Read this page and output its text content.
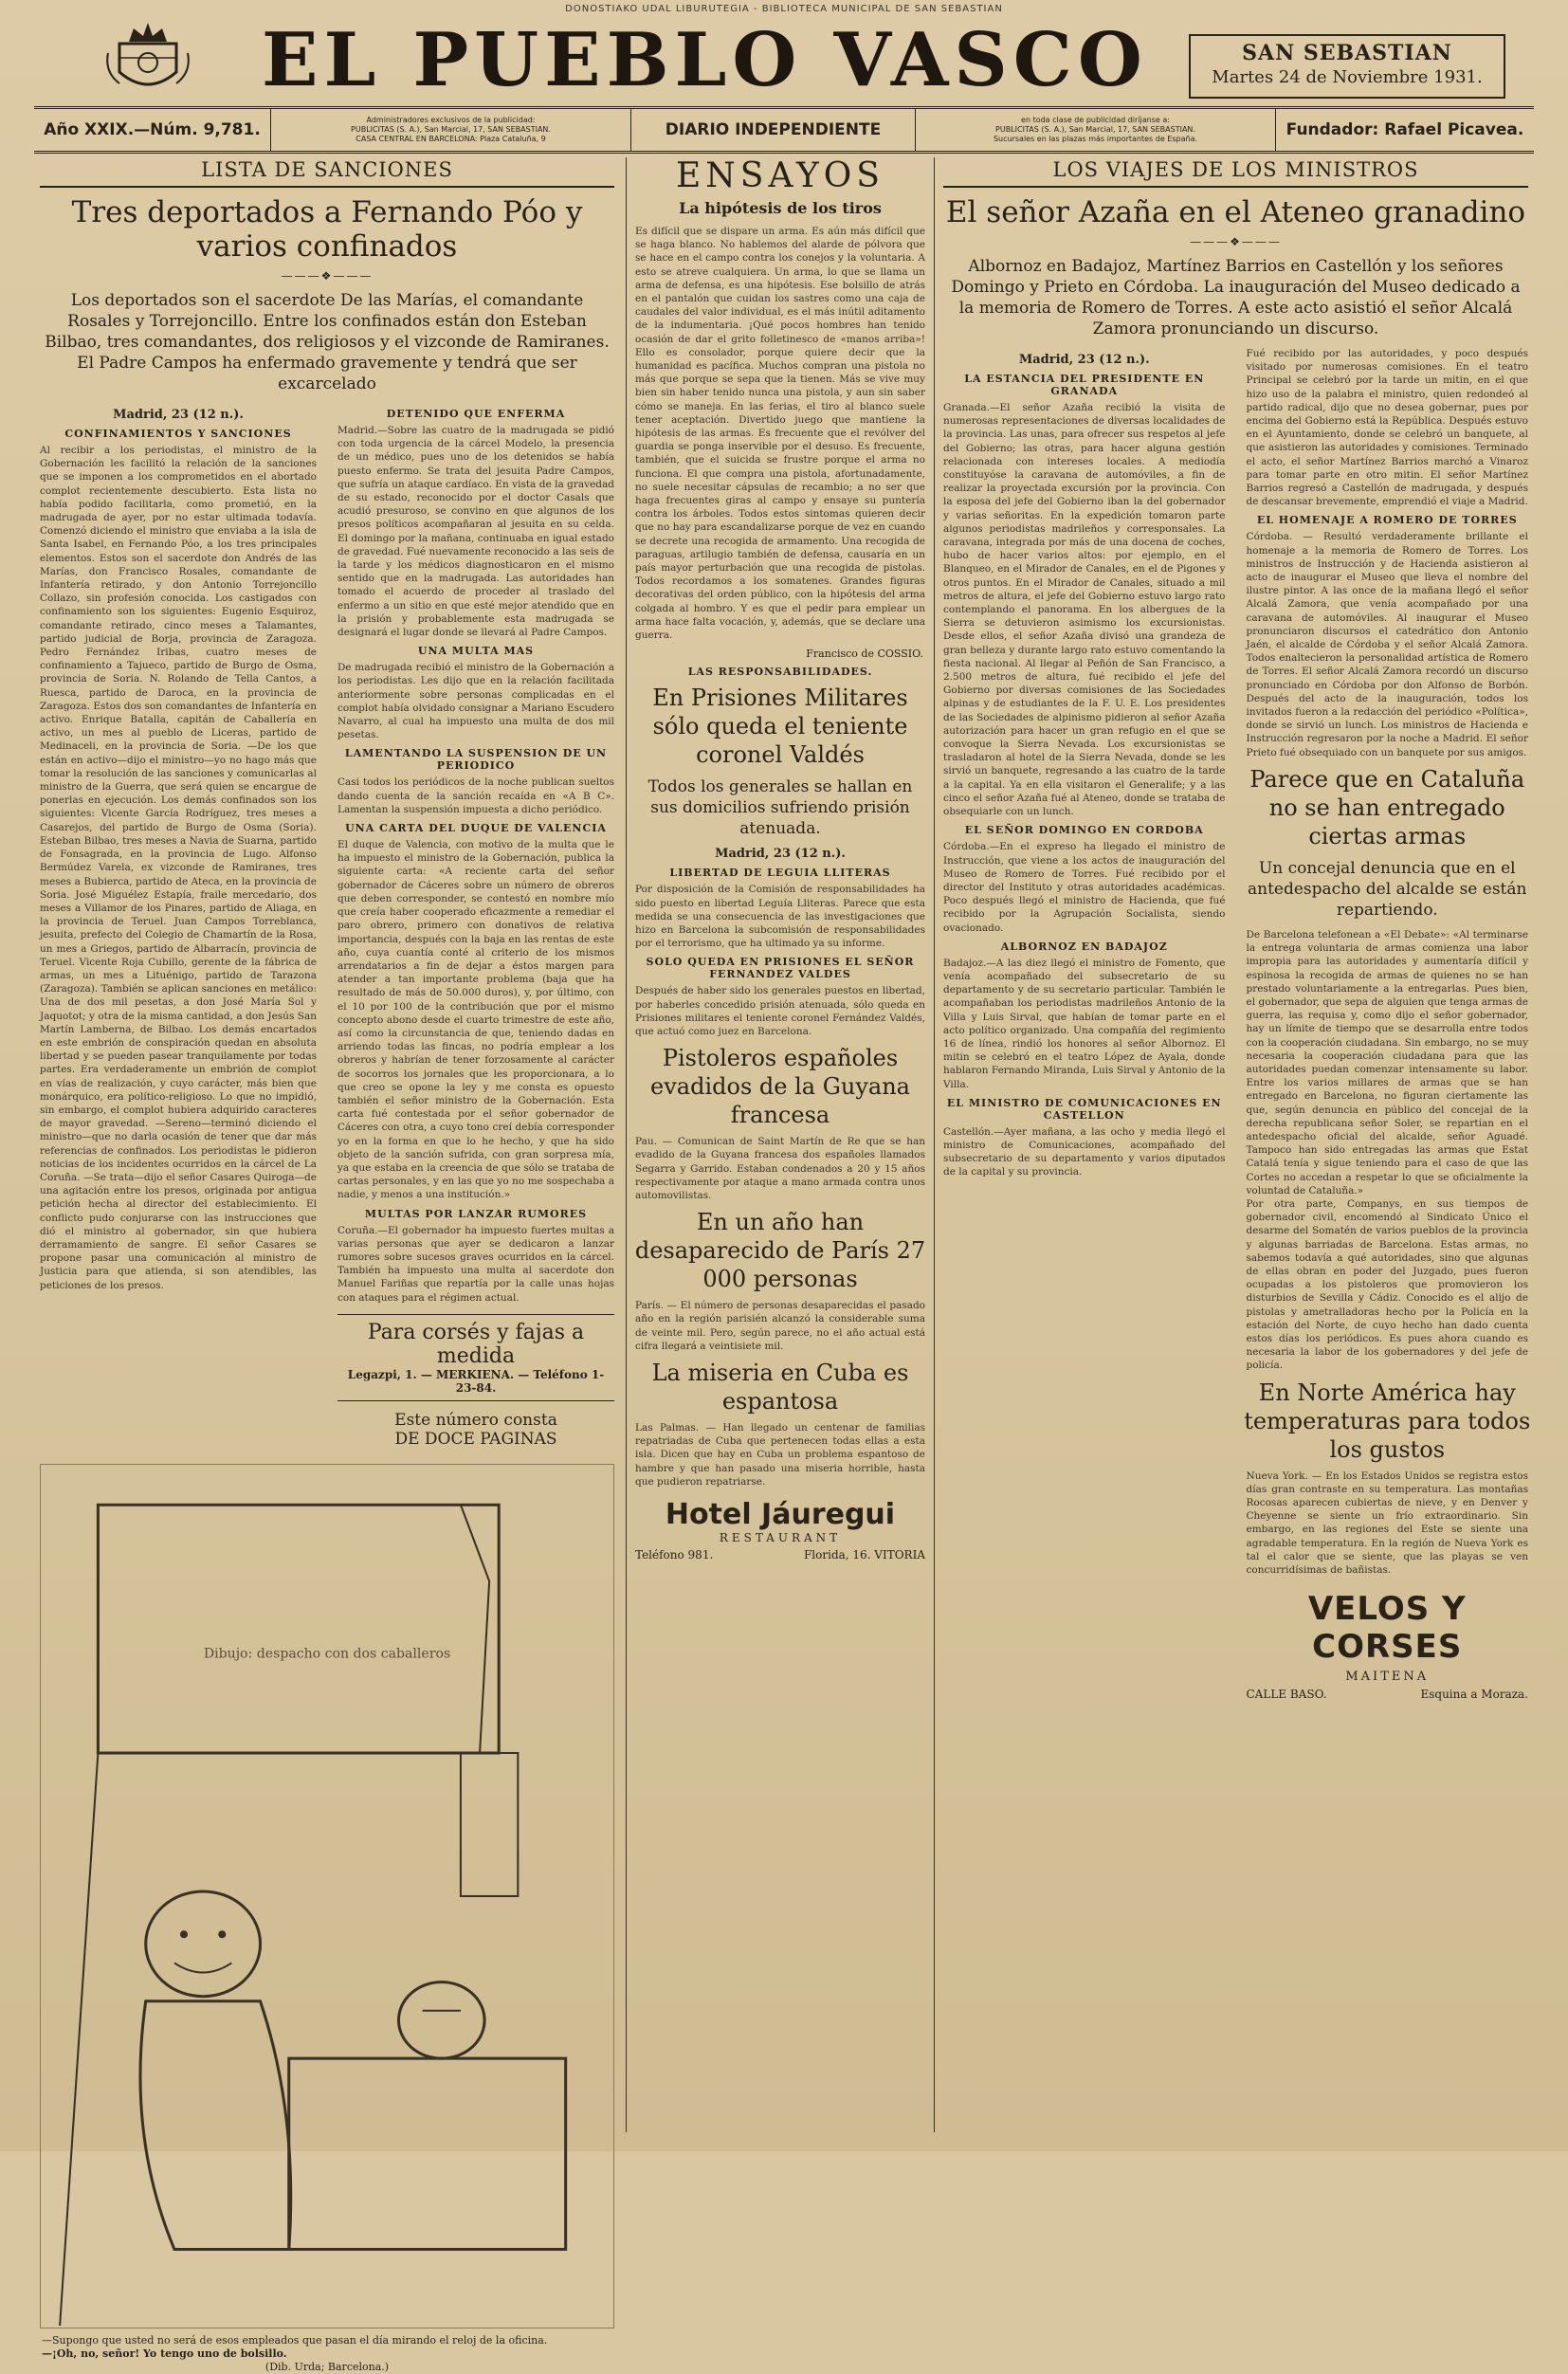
DONOSTIAKO UDAL LIBURUTEGIA - BIBLIOTECA MUNICIPAL DE SAN SEBASTIAN
EL PUEBLO VASCO	SAN SEBASTIAN
Martes 24 de Noviembre 1931.
Año XXIX.—Núm. 9,781.
Administradores exclusivos de la publicidad:
PUBLICITAS (S. A.), San Marcial, 17, SAN SEBASTIAN.
CASA CENTRAL EN BARCELONA: Plaza Cataluña, 9	DIARIO INDEPENDIENTE
en toda clase de publicidad diríjanse a:
PUBLICITAS (S. A.), San Marcial, 17, SAN SEBASTIAN.
Sucursales en las plazas más importantes de España.	Fundador: Rafael Picavea.
LISTA DE SANCIONES
Tres deportados a Fernando Póo y varios confinados
———❖———
Los deportados son el sacerdote De las Marías, el comandante Rosales y Torrejoncillo. Entre los confinados están don Esteban Bilbao, tres comandantes, dos religiosos y el vizconde de Ramiranes. El Padre Campos ha enfermado gravemente y tendrá que ser excarcelado
Madrid, 23 (12 n.).
CONFINAMIENTOS Y SANCIONES
Al recibir a los periodistas, el ministro de la Gobernación les facilitó la relación de la sanciones que se imponen a los comprometidos en el abortado complot recientemente descubierto. Esta lista no había podido facilitarla, como prometió, en la madrugada de ayer, por no estar ultimada todavía. Comenzó diciendo el ministro que enviaba a la isla de Santa Isabel, en Fernando Póo, a los tres principales elementos. Estos son el sacerdote don Andrés de las Marías, don Francisco Rosales, comandante de Infantería retirado, y don Antonio Torrejoncillo Collazo, sin profesión conocida. Los castigados con confinamiento son los siguientes: Eugenio Esquiroz, comandante retirado, cinco meses a Talamantes, partido judicial de Borja, provincia de Zaragoza. Pedro Fernández Iribas, cuatro meses de confinamiento a Tajueco, partido de Burgo de Osma, provincia de Soria. N. Rolando de Tella Cantos, a Ruesca, partido de Daroca, en la provincia de Zaragoza. Estos dos son comandantes de Infantería en activo. Enrique Batalla, capitán de Caballería en activo, un mes al pueblo de Liceras, partido de Medinaceli, en la provincia de Soria. —De los que están en activo—dijo el ministro—yo no hago más que tomar la resolución de las sanciones y comunicarlas al ministro de la Guerra, que será quien se encargue de ponerlas en ejecución. Los demás confinados son los siguientes: Vicente García Rodríguez, tres meses a Casarejos, del partido de Burgo de Osma (Soria). Esteban Bilbao, tres meses a Navia de Suarna, partido de Fonsagrada, en la provincia de Lugo. Alfonso Bermúdez Varela, ex vizconde de Ramiranes, tres meses a Bubierca, partido de Ateca, en la provincia de Soria. José Miguélez Estapía, fraile mercedario, dos meses a Villamor de los Pinares, partido de Aliaga, en la provincia de Teruel. Juan Campos Torreblanca, jesuita, prefecto del Colegio de Chamartín de la Rosa, un mes a Griegos, partido de Albarracín, provincia de Teruel. Vicente Roja Cubillo, gerente de la fábrica de armas, un mes a Lituénigo, partido de Tarazona (Zaragoza). También se aplican sanciones en metálico: Una de dos mil pesetas, a don José María Sol y Jaquotot; y otra de la misma cantidad, a don Jesús San Martín Lamberna, de Bilbao. Los demás encartados en este embrión de conspiración quedan en absoluta libertad y se pueden pasear tranquilamente por todas partes. Era verdaderamente un embrión de complot en vías de realización, y cuyo carácter, más bien que monárquico, era político-religioso. Lo que no impidió, sin embargo, el complot hubiera adquirido caracteres de mayor gravedad. —Sereno—terminó diciendo el ministro—que no darla ocasión de tener que dar más referencias de confinados. Los periodistas le pidieron noticias de los incidentes ocurridos en la cárcel de La Coruña. —Se trata—dijo el señor Casares Quiroga—de una agitación entre los presos, originada por antigua petición hecha al director del establecimiento. El conflicto pudo conjurarse con las instrucciones que dió el ministro al gobernador, sin que hubiera derramamiento de sangre. El señor Casares se propone pasar una comunicación al ministro de Justicia para que atienda, si son atendibles, las peticiones de los presos.
DETENIDO QUE ENFERMA
Madrid.—Sobre las cuatro de la madrugada se pidió con toda urgencia de la cárcel Modelo, la presencia de un médico, pues uno de los detenidos se había puesto enfermo. Se trata del jesuita Padre Campos, que sufría un ataque cardíaco. En vista de la gravedad de su estado, reconocido por el doctor Casals que acudió presuroso, se convino en que algunos de los presos políticos acompañaran al jesuita en su celda. El domingo por la mañana, continuaba en igual estado de gravedad. Fué nuevamente reconocido a las seis de la tarde y los médicos diagnosticaron en el mismo sentido que en la madrugada. Las autoridades han tomado el acuerdo de proceder al traslado del enfermo a un sitio en que esté mejor atendido que en la prisión y probablemente esta madrugada se designará el lugar donde se llevará al Padre Campos.
UNA MULTA MAS
De madrugada recibió el ministro de la Gobernación a los periodistas. Les dijo que en la relación facilitada anteriormente sobre personas complicadas en el complot había olvidado consignar a Mariano Escudero Navarro, al cual ha impuesto una multa de dos mil pesetas.
LAMENTANDO LA SUSPENSION DE UN PERIODICO
Casi todos los periódicos de la noche publican sueltos dando cuenta de la sanción recaída en «A B C». Lamentan la suspensión impuesta a dicho periódico.
UNA CARTA DEL DUQUE DE VALENCIA
El duque de Valencia, con motivo de la multa que le ha impuesto el ministro de la Gobernación, publica la siguiente carta: «A reciente carta del señor gobernador de Cáceres sobre un número de obreros que deben corresponder, se contestó en nombre mío que creía haber cooperado eficazmente a remediar el paro obrero, primero con donativos de relativa importancia, después con la baja en las rentas de este año, cuya cuantía conté al criterio de los mismos arrendatarios a fin de dejar a éstos margen para atender a tan importante problema (baja que ha resultado de más de 50.000 duros), y, por último, con el 10 por 100 de la contribución que por el mismo concepto abono desde el cuarto trimestre de este año, así como la circunstancia de que, teniendo dadas en arriendo todas las fincas, no podría emplear a los obreros y habrían de tener forzosamente al carácter de socorros los jornales que les proporcionara, a lo que creo se opone la ley y me consta es opuesto también el señor ministro de la Gobernación. Esta carta fué contestada por el señor gobernador de Cáceres con otra, a cuyo tono creí debía corresponder yo en la forma en que lo he hecho, y que ha sido objeto de la sanción sufrida, con gran sorpresa mía, ya que estaba en la creencia de que sólo se trataba de cartas personales, y en las que yo no me sospechaba a nadie, y menos a una institución.»
MULTAS POR LANZAR RUMORES
Coruña.—El gobernador ha impuesto fuertes multas a varias personas que ayer se dedicaron a lanzar rumores sobre sucesos graves ocurridos en la cárcel. También ha impuesto una multa al sacerdote don Manuel Fariñas que repartía por la calle unas hojas con ataques para el régimen actual.
Para corsés y fajas a medida
Legazpi, 1. — MERKIENA. — Teléfono 1-23-84.
Este número consta
DE DOCE PAGINAS
Dibujo: despacho con dos caballeros
—Supongo que usted no será de esos empleados que pasan el día mirando el reloj de la oficina.
—¡Oh, no, señor! Yo tengo uno de bolsillo.
(Dib. Urda; Barcelona.)
ENSAYOS
La hipótesis de los tiros
Es difícil que se dispare un arma. Es aún más difícil que se haga blanco. No hablemos del alarde de pólvora que se hace en el campo contra los conejos y la voluntaria. A esto se atreve cualquiera. Un arma, lo que se llama un arma de defensa, es una hipótesis. Ese bolsillo de atrás en el pantalón que cuidan los sastres como una caja de caudales del valor individual, es el más inútil aditamento de la indumentaria. ¡Qué pocos hombres han tenido ocasión de dar el grito folletinesco de «manos arriba»! Ello es consolador, porque quiere decir que la humanidad es pacífica. Muchos compran una pistola no más que porque se sepa que la tienen. Más se vive muy bien sin haber tenido nunca una pistola, y aun sin saber cómo se maneja. En las ferias, el tiro al blanco suele tener aceptación. Divertido juego que mantiene la hipótesis de las armas. Es frecuente que el revólver del guardia se ponga inservible por el desuso. Es frecuente, también, que el suicida se frustre porque el arma no funciona. El que compra una pistola, afortunadamente, no suele necesitar cápsulas de recambio; a no ser que haga frecuentes giras al campo y ensaye su puntería contra los árboles. Todos estos sintomas quieren decir que no hay para escandalizarse porque de vez en cuando se decrete una recogida de armamento. Una recogida de paraguas, artilugio también de defensa, causaría en un país mayor perturbación que una recogida de pistolas. Todos recordamos a los somatenes. Grandes figuras decorativas del orden público, con la hipótesis del arma colgada al hombro. Y es que el pedir para emplear un arma hace falta vocación, y, además, que se declare una guerra.
Francisco de COSSIO.
LAS RESPONSABILIDADES.
En Prisiones Militares sólo queda el teniente coronel Valdés
Todos los generales se hallan en sus domicilios sufriendo prisión atenuada.
Madrid, 23 (12 n.).
LIBERTAD DE LEGUIA LLITERAS
Por disposición de la Comisión de responsabilidades ha sido puesto en libertad Leguía Lliteras. Parece que esta medida se una consecuencia de las investigaciones que hizo en Barcelona la subcomisión de responsabilidades por el terrorismo, que ha ultimado ya su informe.
SOLO QUEDA EN PRISIONES EL SEÑOR FERNANDEZ VALDES
Después de haber sido los generales puestos en libertad, por haberles concedido prisión atenuada, sólo queda en Prisiones militares el teniente coronel Fernández Valdés, que actuó como juez en Barcelona.
Pistoleros españoles evadidos de la Guyana francesa
Pau. — Comunican de Saint Martín de Re que se han evadido de la Guyana francesa dos españoles llamados Segarra y Garrido. Estaban condenados a 20 y 15 años respectivamente por ataque a mano armada contra unos automovilistas.
En un año han desaparecido de París 27 000 personas
París. — El número de personas desaparecidas el pasado año en la región parisién alcanzó la considerable suma de veinte mil. Pero, según parece, no el año actual está cifra llegará a veintisiete mil.
La miseria en Cuba es espantosa
Las Palmas. — Han llegado un centenar de familias repatriadas de Cuba que pertenecen todas ellas a esta isla. Dicen que hay en Cuba un problema espantoso de hambre y que han pasado una miseria horrible, hasta que pudieron repatriarse.
Hotel Jáuregui
RESTAURANT
Teléfono 981.	Florida, 16. VITORIA
LOS VIAJES DE LOS MINISTROS
El señor Azaña en el Ateneo granadino
———❖———
Albornoz en Badajoz, Martínez Barrios en Castellón y los señores Domingo y Prieto en Córdoba. La inauguración del Museo dedicado a la memoria de Romero de Torres. A este acto asistió el señor Alcalá Zamora pronunciando un discurso.
Madrid, 23 (12 n.).
LA ESTANCIA DEL PRESIDENTE EN GRANADA
Granada.—El señor Azaña recibió la visita de numerosas representaciones de diversas localidades de la provincia. Las unas, para ofrecer sus respetos al jefe del Gobierno; las otras, para hacer alguna gestión relacionada con intereses locales. A mediodía constituyóse la caravana de automóviles, a fin de realizar la proyectada excursión por la provincia. Con la esposa del jefe del Gobierno iban la del gobernador y varias señoritas. En la expedición tomaron parte algunos periodistas madrileños y corresponsales. La caravana, integrada por más de una docena de coches, hubo de hacer varios altos: por ejemplo, en el Blanqueo, en el Mirador de Canales, en el de Pigones y otros puntos. En el Mirador de Canales, situado a mil metros de altura, el jefe del Gobierno estuvo largo rato contemplando el panorama. En los albergues de la Sierra se detuvieron asimismo los excursionistas. Desde ellos, el señor Azaña divisó una grandeza de gran belleza y durante largo rato estuvo comentando la fiesta nacional. Al llegar al Peñón de San Francisco, a 2.500 metros de altura, fué recibido el jefe del Gobierno por diversas comisiones de las Sociedades alpinas y de estudiantes de la F. U. E. Los presidentes de las Sociedades de alpinismo pidieron al señor Azaña autorización para hacer un gran refugio en el que se convoque la Sierra Nevada. Los excursionistas se trasladaron al hotel de la Sierra Nevada, donde se les sirvió un banquete, regresando a las cuatro de la tarde a la capital. Ya en ella visitaron el Generalife; y a las cinco el señor Azaña fué al Ateneo, donde se trataba de obsequiarle con un lunch.
EL SEÑOR DOMINGO EN CORDOBA
Córdoba.—En el expreso ha llegado el ministro de Instrucción, que viene a los actos de inauguración del Museo de Romero de Torres. Fué recibido por el director del Instituto y otras autoridades académicas. Poco después llegó el ministro de Hacienda, que fué recibido por la Agrupación Socialista, siendo ovacionado.
ALBORNOZ EN BADAJOZ
Badajoz.—A las diez llegó el ministro de Fomento, que venía acompañado del subsecretario de su departamento y de su secretario particular. También le acompañaban los periodistas madrileños Antonio de la Villa y Luis Sirval, que habían de tomar parte en el acto político organizado. Una compañía del regimiento 16 de línea, rindió los honores al señor Albornoz. El mitin se celebró en el teatro López de Ayala, donde hablaron Fernando Miranda, Luis Sirval y Antonio de la Villa.
EL MINISTRO DE COMUNICACIONES EN CASTELLON
Castellón.—Ayer mañana, a las ocho y media llegó el ministro de Comunicaciones, acompañado del subsecretario de su departamento y varios diputados de la capital y su provincia.
Fué recibido por las autoridades, y poco después visitado por numerosas comisiones. En el teatro Principal se celebró por la tarde un mitin, en el que hizo uso de la palabra el ministro, quien redondeó al partido radical, dijo que no desea gobernar, pues por encima del Gobierno está la República. Después estuvo en el Ayuntamiento, donde se celebró un banquete, al que asistieron las autoridades y comisiones. Terminado el acto, el señor Martínez Barrios marchó a Vinaroz para tomar parte en otro mitin. El señor Martínez Barrios regresó a Castellón de madrugada, y después de descansar brevemente, emprendió el viaje a Madrid.
EL HOMENAJE A ROMERO DE TORRES
Córdoba. — Resultó verdaderamente brillante el homenaje a la memoria de Romero de Torres. Los ministros de Instrucción y de Hacienda asistieron al acto de inaugurar el Museo que lleva el nombre del ilustre pintor. A las once de la mañana llegó el señor Alcalá Zamora, que venía acompañado por una caravana de automóviles. Al inaugurar el Museo pronunciaron discursos el catedrático don Antonio Jaén, el alcalde de Córdoba y el señor Alcalá Zamora. Todos enaltecieron la personalidad artística de Romero de Torres. El señor Alcalá Zamora recordó un discurso pronunciado en Córdoba por don Alfonso de Borbón. Después del acto de la inauguración, todos los invitados fueron a la redacción del periódico «Política», donde se sirvió un lunch. Los ministros de Hacienda e Instrucción regresaron por la noche a Madrid. El señor Prieto fué obsequiado con un banquete por sus amigos.
Parece que en Cataluña no se han entregado ciertas armas
Un concejal denuncia que en el antedespacho del alcalde se están repartiendo.
De Barcelona telefonean a «El Debate»: «Al terminarse la entrega voluntaria de armas comienza una labor impropia para las autoridades y aumentaría difícil y espinosa la recogida de armas de quienes no se han prestado voluntariamente a la entregarlas. Pues bien, el gobernador, que sepa de alguien que tenga armas de guerra, las requisa y, como dijo el señor gobernador, hay un límite de tiempo que se desarrolla entre todos con la cooperación ciudadana. Sin embargo, no se muy necesaria la cooperación ciudadana para que las autoridades puedan comenzar intensamente su labor. Entre los varios millares de armas que se han entregado en Barcelona, no figuran ciertamente las que, según denuncia en público del concejal de la derecha republicana señor Soler, se repartían en el antedespacho oficial del alcalde, señor Aguadé. Tampoco han sido entregadas las armas que Estat Catalá tenía y sigue teniendo para el caso de que las Cortes no accedan a respetar lo que se oficialmente la voluntad de Cataluña.»
Por otra parte, Companys, en sus tiempos de gobernador civil, encomendó al Sindicato Único el desarme del Somatén de varios pueblos de la provincia y algunas barriadas de Barcelona. Estas armas, no sabemos todavía a qué autoridades, sino que algunas de ellas obran en poder del Juzgado, pues fueron ocupadas a los pistoleros que promovieron los disturbios de Sevilla y Cádiz. Conocido es el alijo de pistolas y ametralladoras hecho por la Policía en la estación del Norte, de cuyo hecho han dado cuenta estos días los periódicos. Es pues ahora cuando es necesaria la labor de los gobernadores y del jefe de policía.
En Norte América hay temperaturas para todos los gustos
Nueva York. — En los Estados Unidos se registra estos días gran contraste en su temperatura. Las montañas Rocosas aparecen cubiertas de nieve, y en Denver y Cheyenne se siente un frío extraordinario. Sin embargo, en las regiones del Este se siente una agradable temperatura. En la región de Nueva York es tal el calor que se siente, que las playas se ven concurridísimas de bañistas.
VELOS Y CORSES
MAITENA
CALLE BASO.	Esquina a Moraza.
